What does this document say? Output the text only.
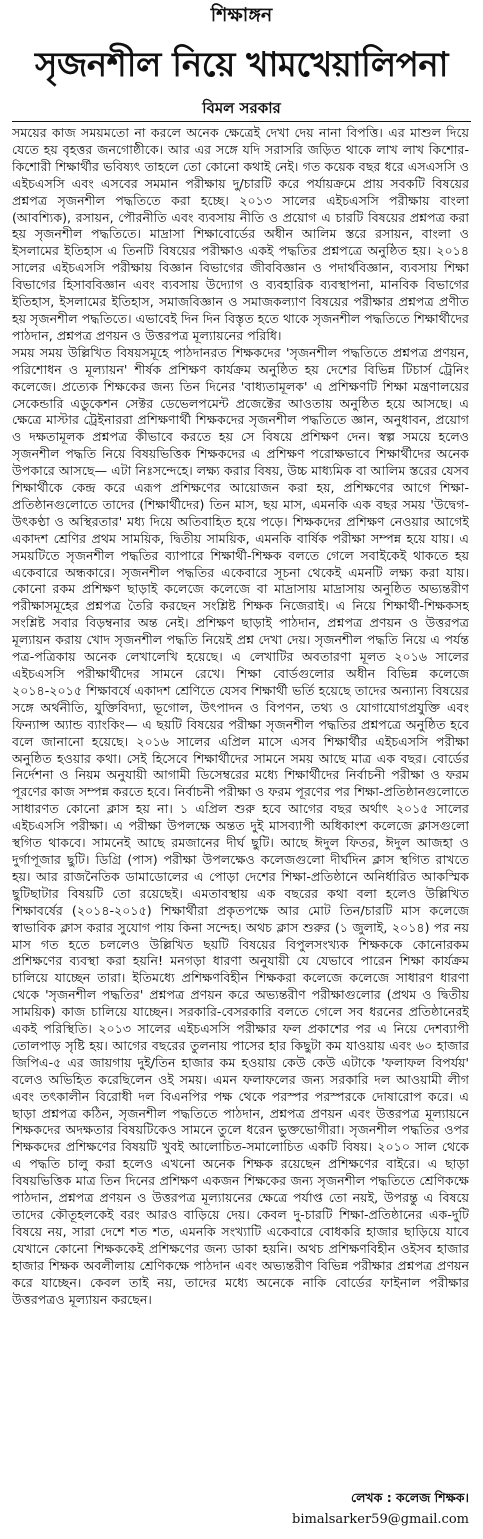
শিক্ষাঙ্গন
সৃজনশীল নিয়ে খামখেয়ালিপনা
বিমল সরকার

সময়ের কাজ সময়মতো না করলে অনেক ক্ষেত্রেই দেখা দেয় নানা বিপত্তি। এর মাশুল দিয়ে যেতে হয় বৃহত্তর জনগোষ্ঠীকে। আর এর সঙ্গে যদি সরাসরি জড়িত থাকে লাখ লাখ কিশোর-কিশোরী শিক্ষার্থীর ভবিষ্যৎ তাহলে তো কোনো কথাই নেই। গত কয়েক বছর ধরে এসএসসি ও এইচএসসি এবং এসবের সমমান পরীক্ষায় দু/চারটি করে পর্যায়ক্রমে প্রায় সবকটি বিষয়ের প্রশ্নপত্র সৃজনশীল পদ্ধতিতে করা হচ্ছে। ২০১৩ সালের এইচএসসি পরীক্ষায় বাংলা (আবশ্যিক), রসায়ন, পৌরনীতি এবং ব্যবসায় নীতি ও প্রয়োগ এ চারটি বিষয়ের প্রশ্নপত্র করা হয় সৃজনশীল পদ্ধতিতে। মাদ্রাসা শিক্ষাবোর্ডের অধীন আলিম স্তরে রসায়ন, বাংলা ও ইসলামের ইতিহাস এ তিনটি বিষয়ের পরীক্ষাও একই পদ্ধতির প্রশ্নপত্রে অনুষ্ঠিত হয়। ২০১৪ সালের এইচএসসি পরীক্ষায় বিজ্ঞান বিভাগের জীববিজ্ঞান ও পদার্থবিজ্ঞান, ব্যবসায় শিক্ষা বিভাগের হিসাববিজ্ঞান এবং ব্যবসায় উদ্যোগ ও ব্যবহারিক ব্যবস্থাপনা, মানবিক বিভাগের ইতিহাস, ইসলামের ইতিহাস, সমাজবিজ্ঞান ও সমাজকল্যাণ বিষয়ের পরীক্ষার প্রশ্নপত্র প্রণীত হয় সৃজনশীল পদ্ধতিতে। এভাবেই দিন দিন বিস্তৃত হতে থাকে সৃজনশীল পদ্ধতিতে শিক্ষার্থীদের পাঠদান, প্রশ্নপত্র প্রণয়ন ও উত্তরপত্র মূল্যায়নের পরিধি।

সময় সময় উল্লিখিত বিষয়সমূহে পাঠদানরত শিক্ষকদের 'সৃজনশীল পদ্ধতিতে প্রশ্নপত্র প্রণয়ন, পরিশোধন ও মূল্যায়ন' শীর্ষক প্রশিক্ষণ কার্যক্রম অনুষ্ঠিত হয় দেশের বিভিন্ন টিচার্স ট্রেনিং কলেজে। প্রত্যেক শিক্ষকের জন্য তিন দিনের 'বাধ্যতামূলক' এ প্রশিক্ষণটি শিক্ষা মন্ত্রণালয়ের সেকেন্ডারি এডুকেশন সেক্টর ডেভেলপমেন্ট প্রজেক্টের আওতায় অনুষ্ঠিত হয়ে আসছে। এ ক্ষেত্রে মাস্টার ট্রেইনাররা প্রশিক্ষণার্থী শিক্ষকদের সৃজনশীল পদ্ধতিতে জ্ঞান, অনুধাবন, প্রয়োগ ও দক্ষতামূলক প্রশ্নপত্র কীভাবে করতে হয় সে বিষয়ে প্রশিক্ষণ দেন। স্বল্প সময়ে হলেও সৃজনশীল পদ্ধতি নিয়ে বিষয়ভিত্তিক শিক্ষকদের এ প্রশিক্ষণ পরোক্ষভাবে শিক্ষার্থীদের অনেক উপকারে আসছে— এটা নিঃসন্দেহে। লক্ষ্য করার বিষয়, উচ্চ মাধ্যমিক বা আলিম স্তরের যেসব শিক্ষার্থীকে কেন্দ্র করে এরূপ প্রশিক্ষণের আয়োজন করা হয়, প্রশিক্ষণের আগে শিক্ষা-প্রতিষ্ঠানগুলোতে তাদের (শিক্ষার্থীদের) তিন মাস, ছয় মাস, এমনকি এক বছর সময় 'উদ্বেগ-উৎকণ্ঠা ও অস্থিরতার' মধ্য দিয়ে অতিবাহিত হয়ে পড়ে। শিক্ষকদের প্রশিক্ষণ নেওয়ার আগেই একাদশ শ্রেণির প্রথম সাময়িক, দ্বিতীয় সাময়িক, এমনকি বার্ষিক পরীক্ষা সম্পন্ন হয়ে যায়। এ সময়টিতে সৃজনশীল পদ্ধতির ব্যাপারে শিক্ষার্থী-শিক্ষক বলতে গেলে সবাইকেই থাকতে হয় একেবারে অন্ধকারে। সৃজনশীল পদ্ধতির একেবারে সূচনা থেকেই এমনটি লক্ষ্য করা যায়। কোনো রকম প্রশিক্ষণ ছাড়াই কলেজে কলেজে বা মাদ্রাসায় মাদ্রাসায় অনুষ্ঠিত অভ্যন্তরীণ পরীক্ষাসমূহের প্রশ্নপত্র তৈরি করছেন সংশ্লিষ্ট শিক্ষক নিজেরাই। এ নিয়ে শিক্ষার্থী-শিক্ষকসহ সংশ্লিষ্ট সবার বিড়ম্বনার অন্ত নেই। প্রশিক্ষণ ছাড়াই পাঠদান, প্রশ্নপত্র প্রণয়ন ও উত্তরপত্র মূল্যায়ন করায় খোদ সৃজনশীল পদ্ধতি নিয়েই প্রশ্ন দেখা দেয়। সৃজনশীল পদ্ধতি নিয়ে এ পর্যন্ত পত্র-পত্রিকায় অনেক লেখালেখি হয়েছে। এ লেখাটির অবতারণা মূলত ২০১৬ সালের এইচএসসি পরীক্ষার্থীদের সামনে রেখে। শিক্ষা বোর্ডগুলোর অধীন বিভিন্ন কলেজে ২০১৪-২০১৫ শিক্ষাবর্ষে একাদশ শ্রেণিতে যেসব শিক্ষার্থী ভর্তি হয়েছে তাদের অন্যান্য বিষয়ের সঙ্গে অর্থনীতি, যুক্তিবিদ্যা, ভূগোল, উৎপাদন ও বিপণন, তথ্য ও যোগাযোগপ্রযুক্তি এবং ফিন্যান্স অ্যান্ড ব্যাংকিং— এ ছয়টি বিষয়ের পরীক্ষা সৃজনশীল পদ্ধতির প্রশ্নপত্রে অনুষ্ঠিত হবে বলে জানানো হয়েছে। ২০১৬ সালের এপ্রিল মাসে এসব শিক্ষার্থীর এইচএসসি পরীক্ষা অনুষ্ঠিত হওয়ার কথা। সেই হিসেবে শিক্ষার্থীদের সামনে সময় আছে মাত্র এক বছর। বোর্ডের নির্দেশনা ও নিয়ম অনুযায়ী আগামী ডিসেম্বরের মধ্যে শিক্ষার্থীদের নির্বাচনী পরীক্ষা ও ফরম পূরণের কাজ সম্পন্ন করতে হবে। নির্বাচনী পরীক্ষা ও ফরম পূরণের পর শিক্ষা-প্রতিষ্ঠানগুলোতে সাধারণত কোনো ক্লাস হয় না। ১ এপ্রিল শুরু হবে আগের বছর অর্থাৎ ২০১৫ সালের এইচএসসি পরীক্ষা। এ পরীক্ষা উপলক্ষে অন্তত দুই মাসব্যাপী অধিকাংশ কলেজে ক্লাসগুলো স্থগিত থাকবে। সামনেই আছে রমজানের দীর্ঘ ছুটি। আছে ঈদুল ফিতর, ঈদুল আজহা ও দুর্গাপূজার ছুটি। ডিগ্রি (পাস) পরীক্ষা উপলক্ষেও কলেজগুলো দীর্ঘদিন ক্লাস স্থগিত রাখতে হয়। আর রাজনৈতিক ডামাডোলের এ পোড়া দেশের শিক্ষা-প্রতিষ্ঠানে অনির্ধারিত আকস্মিক ছুটিছাটার বিষয়টি তো রয়েছেই। এমতাবস্থায় এক বছরের কথা বলা হলেও উল্লিখিত শিক্ষাবর্ষের (২০১৪-২০১৫) শিক্ষার্থীরা প্রকৃতপক্ষে আর মোট তিন/চারটি মাস কলেজে স্বাভাবিক ক্লাস করার সুযোগ পায় কিনা সন্দেহ। অথচ ক্লাস শুরুর (১ জুলাই, ২০১৪) পর নয় মাস গত হতে চললেও উল্লিখিত ছয়টি বিষয়ের বিপুলসংখ্যক শিক্ষককে কোনোরকম প্রশিক্ষণের ব্যবস্থা করা হয়নি! মনগড়া ধারণা অনুযায়ী যে যেভাবে পারেন শিক্ষা কার্যক্রম চালিয়ে যাচ্ছেন তারা। ইতিমধ্যে প্রশিক্ষণবিহীন শিক্ষকরা কলেজে কলেজে সাধারণ ধারণা থেকে 'সৃজনশীল পদ্ধতির' প্রশ্নপত্র প্রণয়ন করে অভ্যন্তরীণ পরীক্ষাগুলোর (প্রথম ও দ্বিতীয় সাময়িক) কাজ চালিয়ে যাচ্ছেন। সরকারি-বেসরকারি বলতে গেলে সব ধরনের প্রতিষ্ঠানেরই একই পরিস্থিতি। ২০১৩ সালের এইচএসসি পরীক্ষার ফল প্রকাশের পর এ নিয়ে দেশব্যাপী তোলপাড় সৃষ্টি হয়। আগের বছরের তুলনায় পাসের হার কিছুটা কম যাওয়ায় এবং ৬০ হাজার জিপিএ-৫ এর জায়গায় দুই/তিন হাজার কম হওয়ায় কেউ কেউ এটাকে 'ফলাফল বিপর্যয়' বলেও অভিহিত করেছিলেন ওই সময়। এমন ফলাফলের জন্য সরকারি দল আওয়ামী লীগ এবং তৎকালীন বিরোধী দল বিএনপির পক্ষ থেকে পরস্পর পরস্পরকে দোষারোপ করে। এ ছাড়া প্রশ্নপত্র কঠিন, সৃজনশীল পদ্ধতিতে পাঠদান, প্রশ্নপত্র প্রণয়ন এবং উত্তরপত্র মূল্যায়নে শিক্ষকদের অদক্ষতার বিষয়টিকেও সামনে তুলে ধরেন ভুক্তভোগীরা। সৃজনশীল পদ্ধতির ওপর শিক্ষকদের প্রশিক্ষণের বিষয়টি খুবই আলোচিত-সমালোচিত একটি বিষয়। ২০১০ সাল থেকে এ পদ্ধতি চালু করা হলেও এখনো অনেক শিক্ষক রয়েছেন প্রশিক্ষণের বাইরে। এ ছাড়া বিষয়ভিত্তিক মাত্র তিন দিনের প্রশিক্ষণ একজন শিক্ষকের জন্য সৃজনশীল পদ্ধতিতে শ্রেণিকক্ষে পাঠদান, প্রশ্নপত্র প্রণয়ন ও উত্তরপত্র মূল্যায়নের ক্ষেত্রে পর্যাপ্ত তো নয়ই, উপরন্তু এ বিষয়ে তাদের কৌতূহলকেই বরং আরও বাড়িয়ে দেয়। কেবল দু-চারটি শিক্ষা-প্রতিষ্ঠানের এক-দুটি বিষয়ে নয়, সারা দেশে শত শত, এমনকি সংখ্যাটি একেবারে বোধকরি হাজার ছাড়িয়ে যাবে যেখানে কোনো শিক্ষককেই প্রশিক্ষণের জন্য ডাকা হয়নি। অথচ প্রশিক্ষণবিহীন ওইসব হাজার হাজার শিক্ষক অবলীলায় শ্রেণিকক্ষে পাঠদান এবং অভ্যন্তরীণ বিভিন্ন পরীক্ষার প্রশ্নপত্র প্রণয়ন করে যাচ্ছেন। কেবল তাই নয়, তাদের মধ্যে অনেকে নাকি বোর্ডের ফাইনাল পরীক্ষার উত্তরপত্রও মূল্যায়ন করছেন।

লেখক : কলেজ শিক্ষক।
bimalsarker59@gmail.com
